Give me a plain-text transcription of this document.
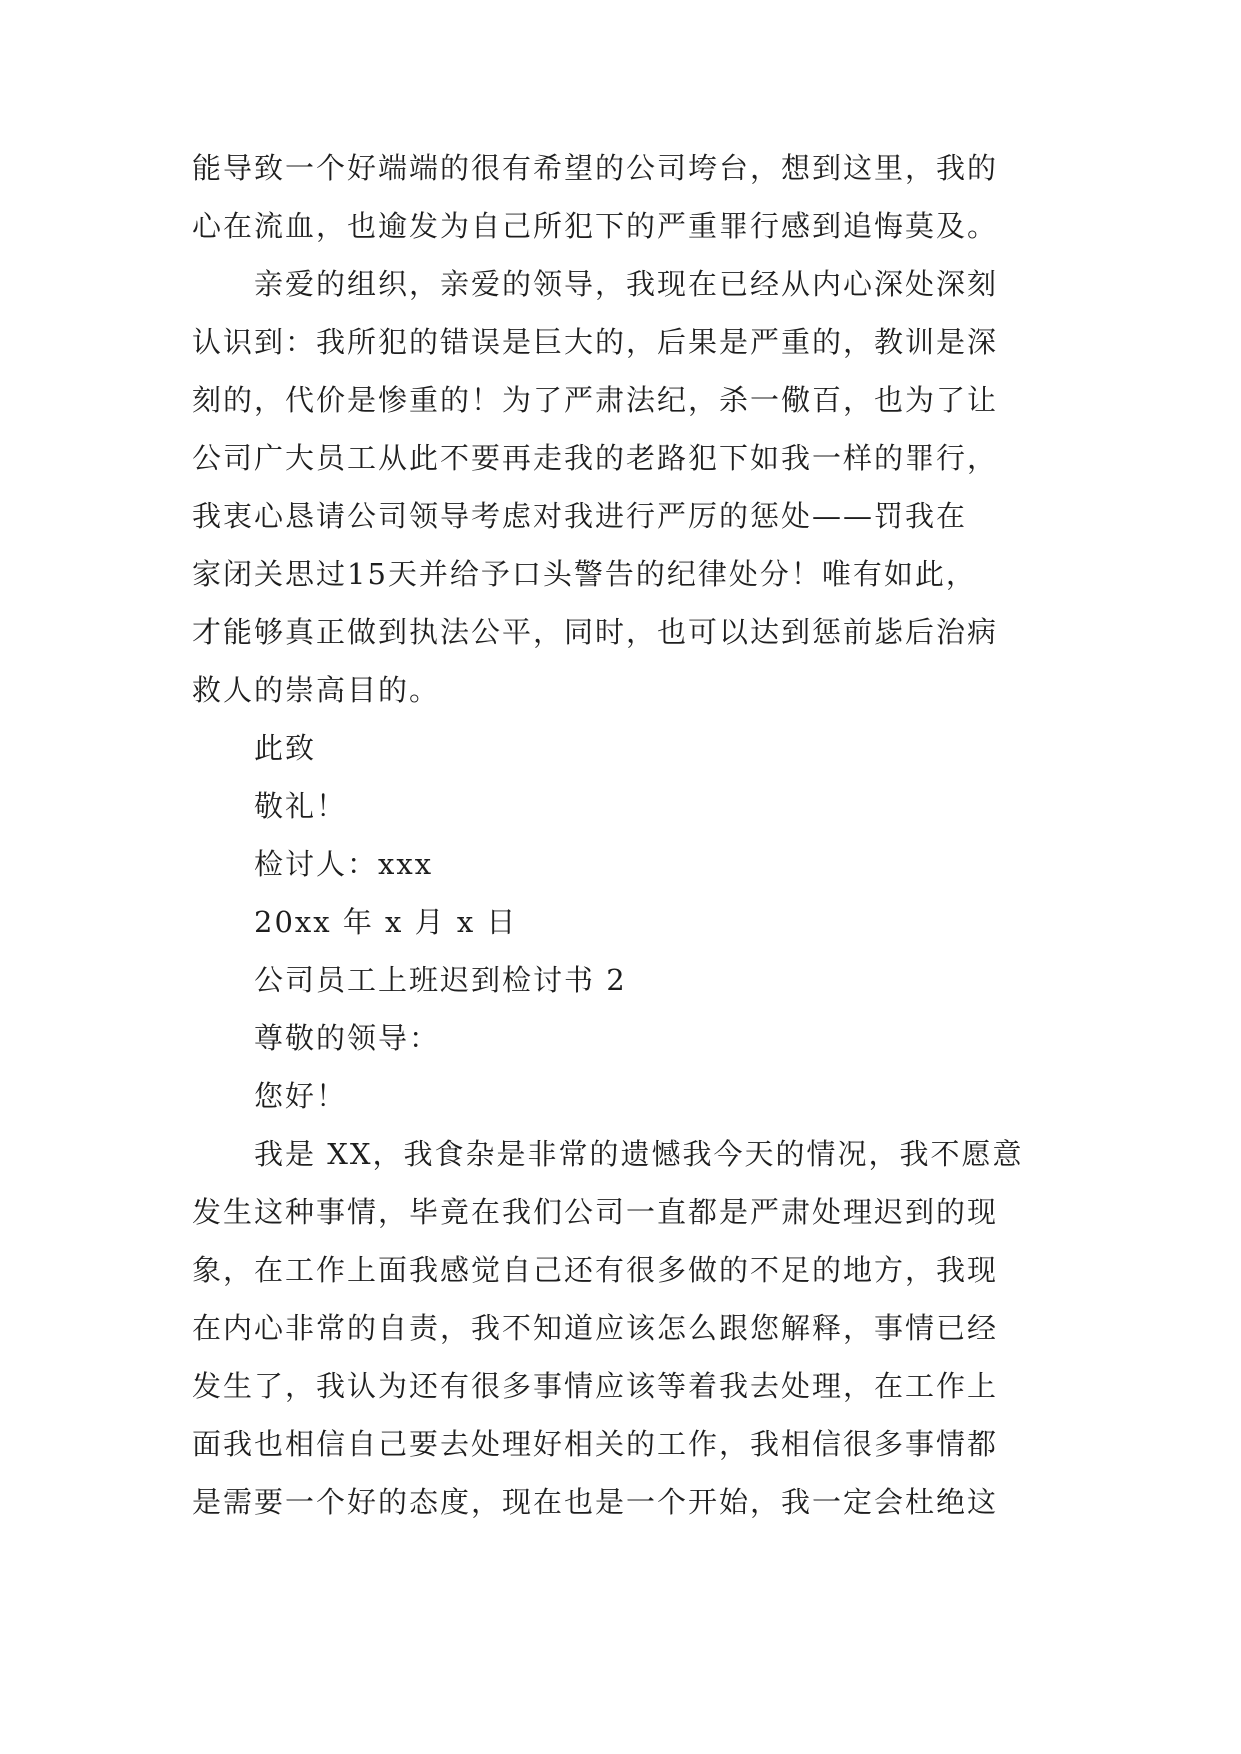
能导致一个好端端的很有希望的公司垮台，想到这里，我的

心在流血，也逾发为自己所犯下的严重罪行感到追悔莫及。

亲爱的组织，亲爱的领导，我现在已经从内心深处深刻

认识到：我所犯的错误是巨大的，后果是严重的，教训是深

刻的，代价是惨重的！为了严肃法纪，杀一儆百，也为了让

公司广大员工从此不要再走我的老路犯下如我一样的罪行，

我衷心恳请公司领导考虑对我进行严厉的惩处——罚我在

家闭关思过15天并给予口头警告的纪律处分！唯有如此，

才能够真正做到执法公平，同时，也可以达到惩前毖后治病

救人的崇高目的。

此致

敬礼！

检讨人：xxx

20xx 年 x 月 x 日

公司员工上班迟到检讨书 2

尊敬的领导：

您好！

我是 XX，我食杂是非常的遗憾我今天的情况，我不愿意

发生这种事情，毕竟在我们公司一直都是严肃处理迟到的现

象，在工作上面我感觉自己还有很多做的不足的地方，我现

在内心非常的自责，我不知道应该怎么跟您解释，事情已经

发生了，我认为还有很多事情应该等着我去处理，在工作上

面我也相信自己要去处理好相关的工作，我相信很多事情都

是需要一个好的态度，现在也是一个开始，我一定会杜绝这
